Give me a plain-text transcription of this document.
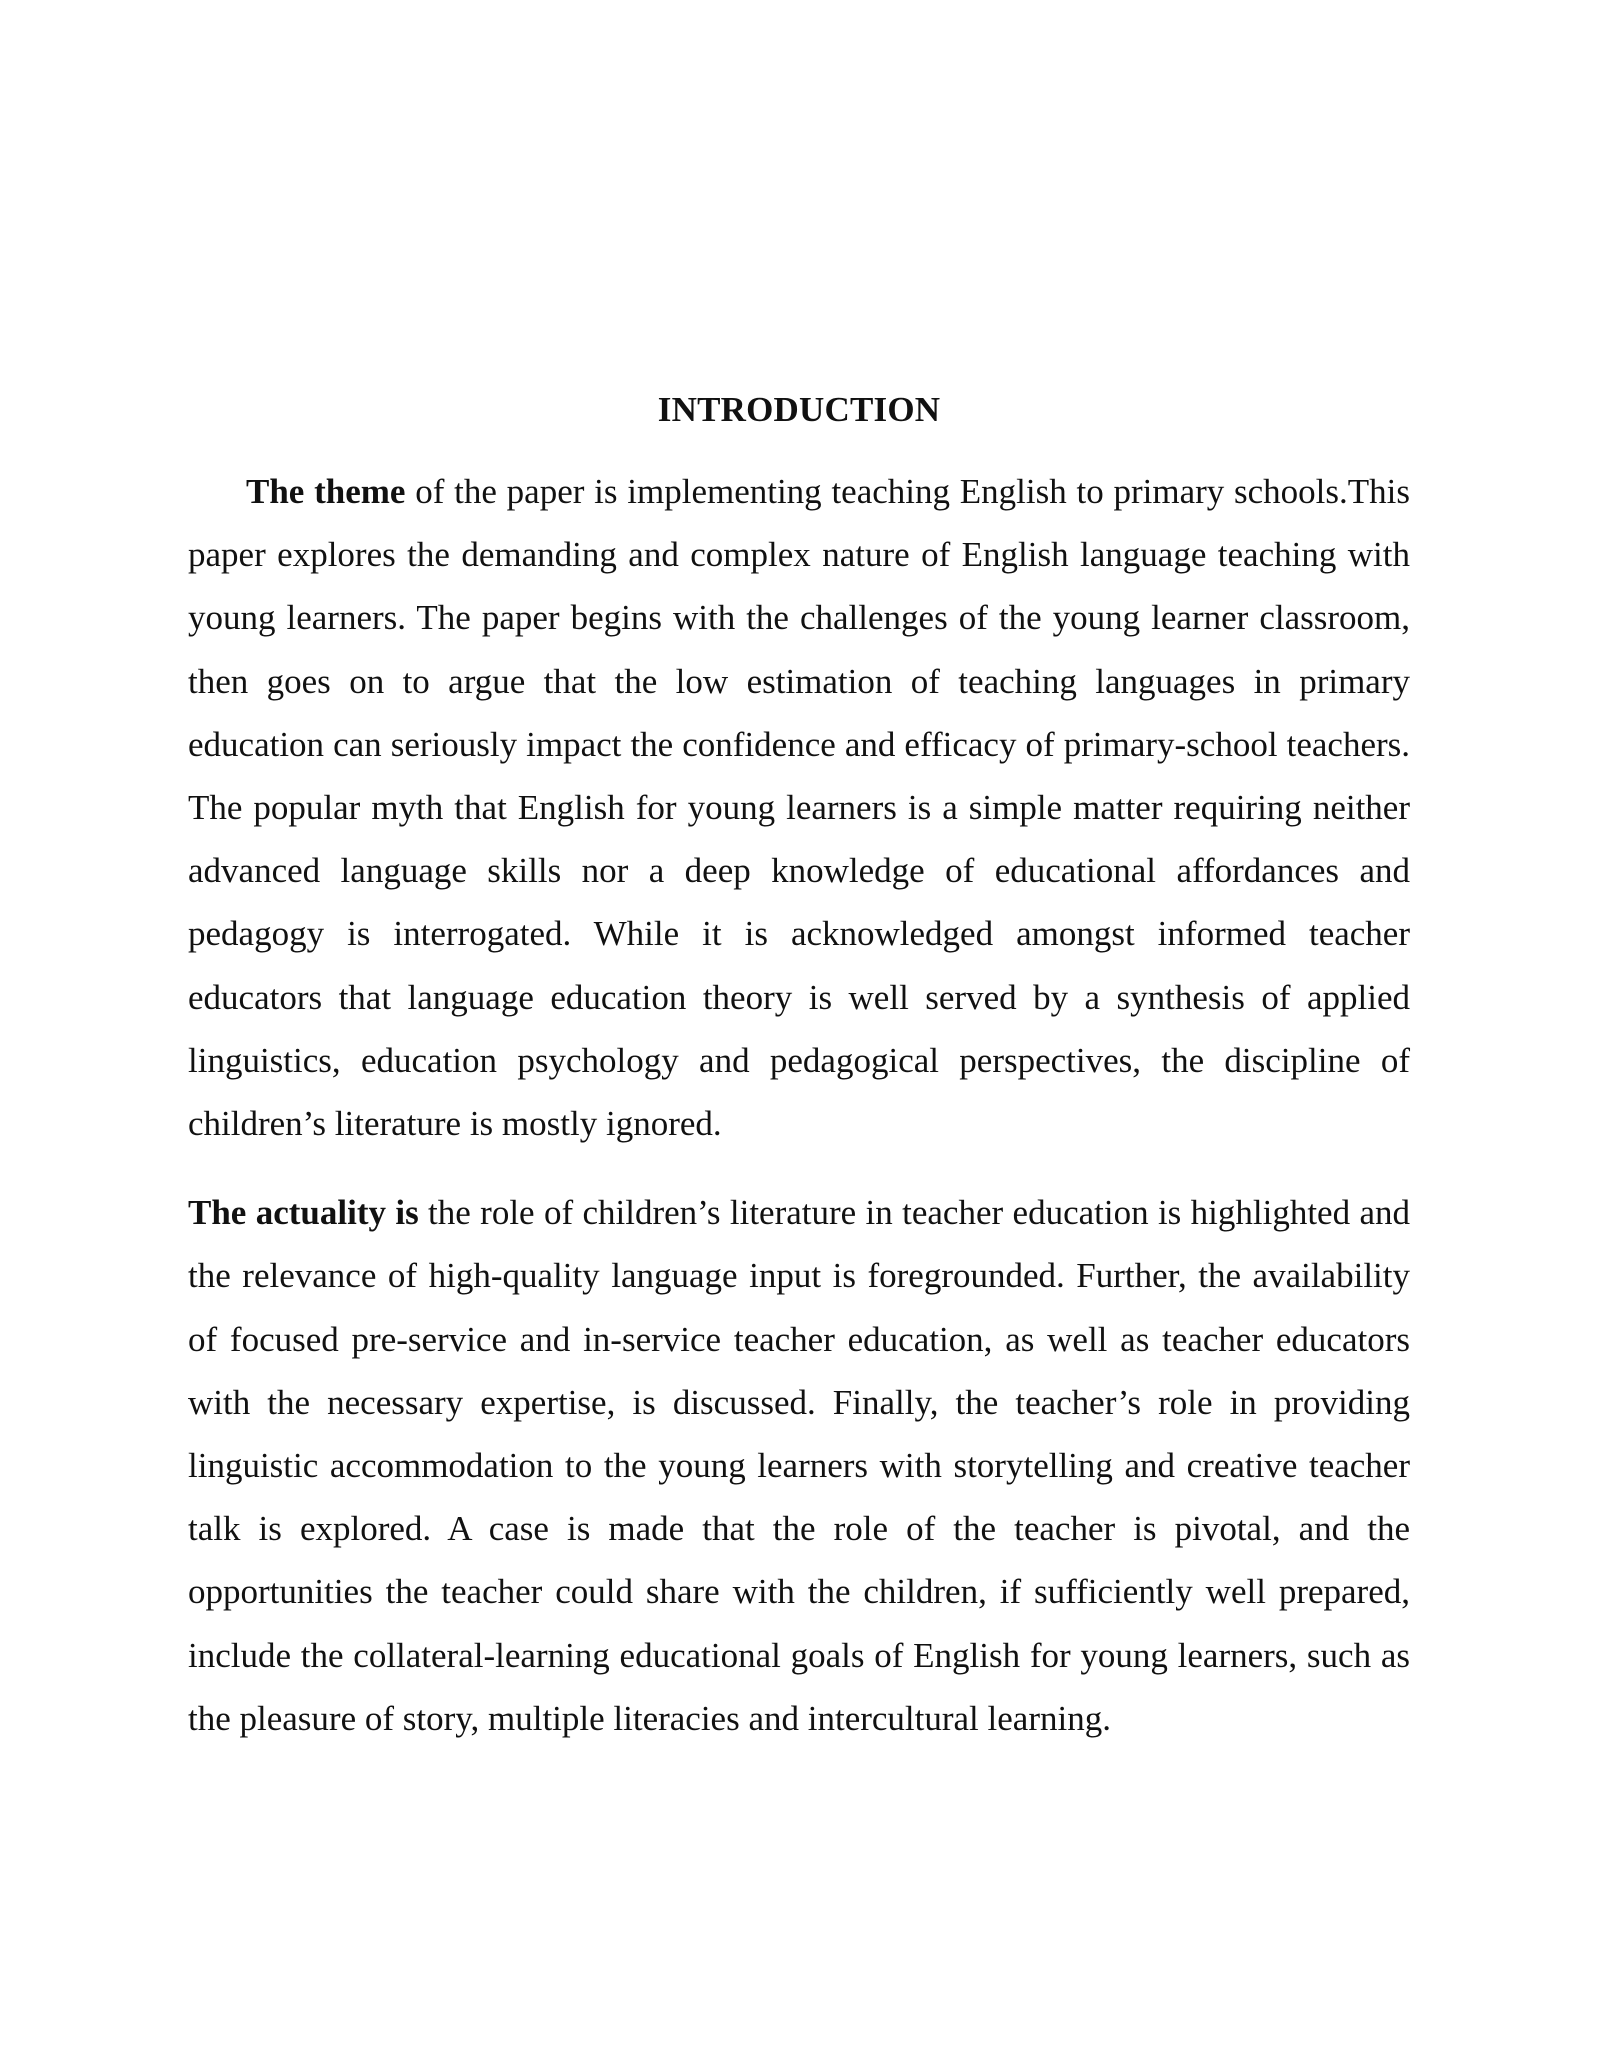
INTRODUCTION

The theme of the paper is implementing teaching English to primary schools.This paper explores the demanding and complex nature of English language teaching with young learners. The paper begins with the challenges of the young learner classroom, then goes on to argue that the low estimation of teaching languages in primary education can seriously impact the confidence and efficacy of primary-school teachers. The popular myth that English for young learners is a simple matter requiring neither advanced language skills nor a deep knowledge of educational affordances and pedagogy is interrogated. While it is acknowledged amongst informed teacher educators that language education theory is well served by a synthesis of applied linguistics, education psychology and pedagogical perspectives, the discipline of children’s literature is mostly ignored.

The actuality is the role of children’s literature in teacher education is highlighted and the relevance of high-quality language input is foregrounded. Further, the availability of focused pre-service and in-service teacher education, as well as teacher educators with the necessary expertise, is discussed. Finally, the teacher’s role in providing linguistic accommodation to the young learners with storytelling and creative teacher talk is explored. A case is made that the role of the teacher is pivotal, and the opportunities the teacher could share with the children, if sufficiently well prepared, include the collateral-learning educational goals of English for young learners, such as the pleasure of story, multiple literacies and intercultural learning.
